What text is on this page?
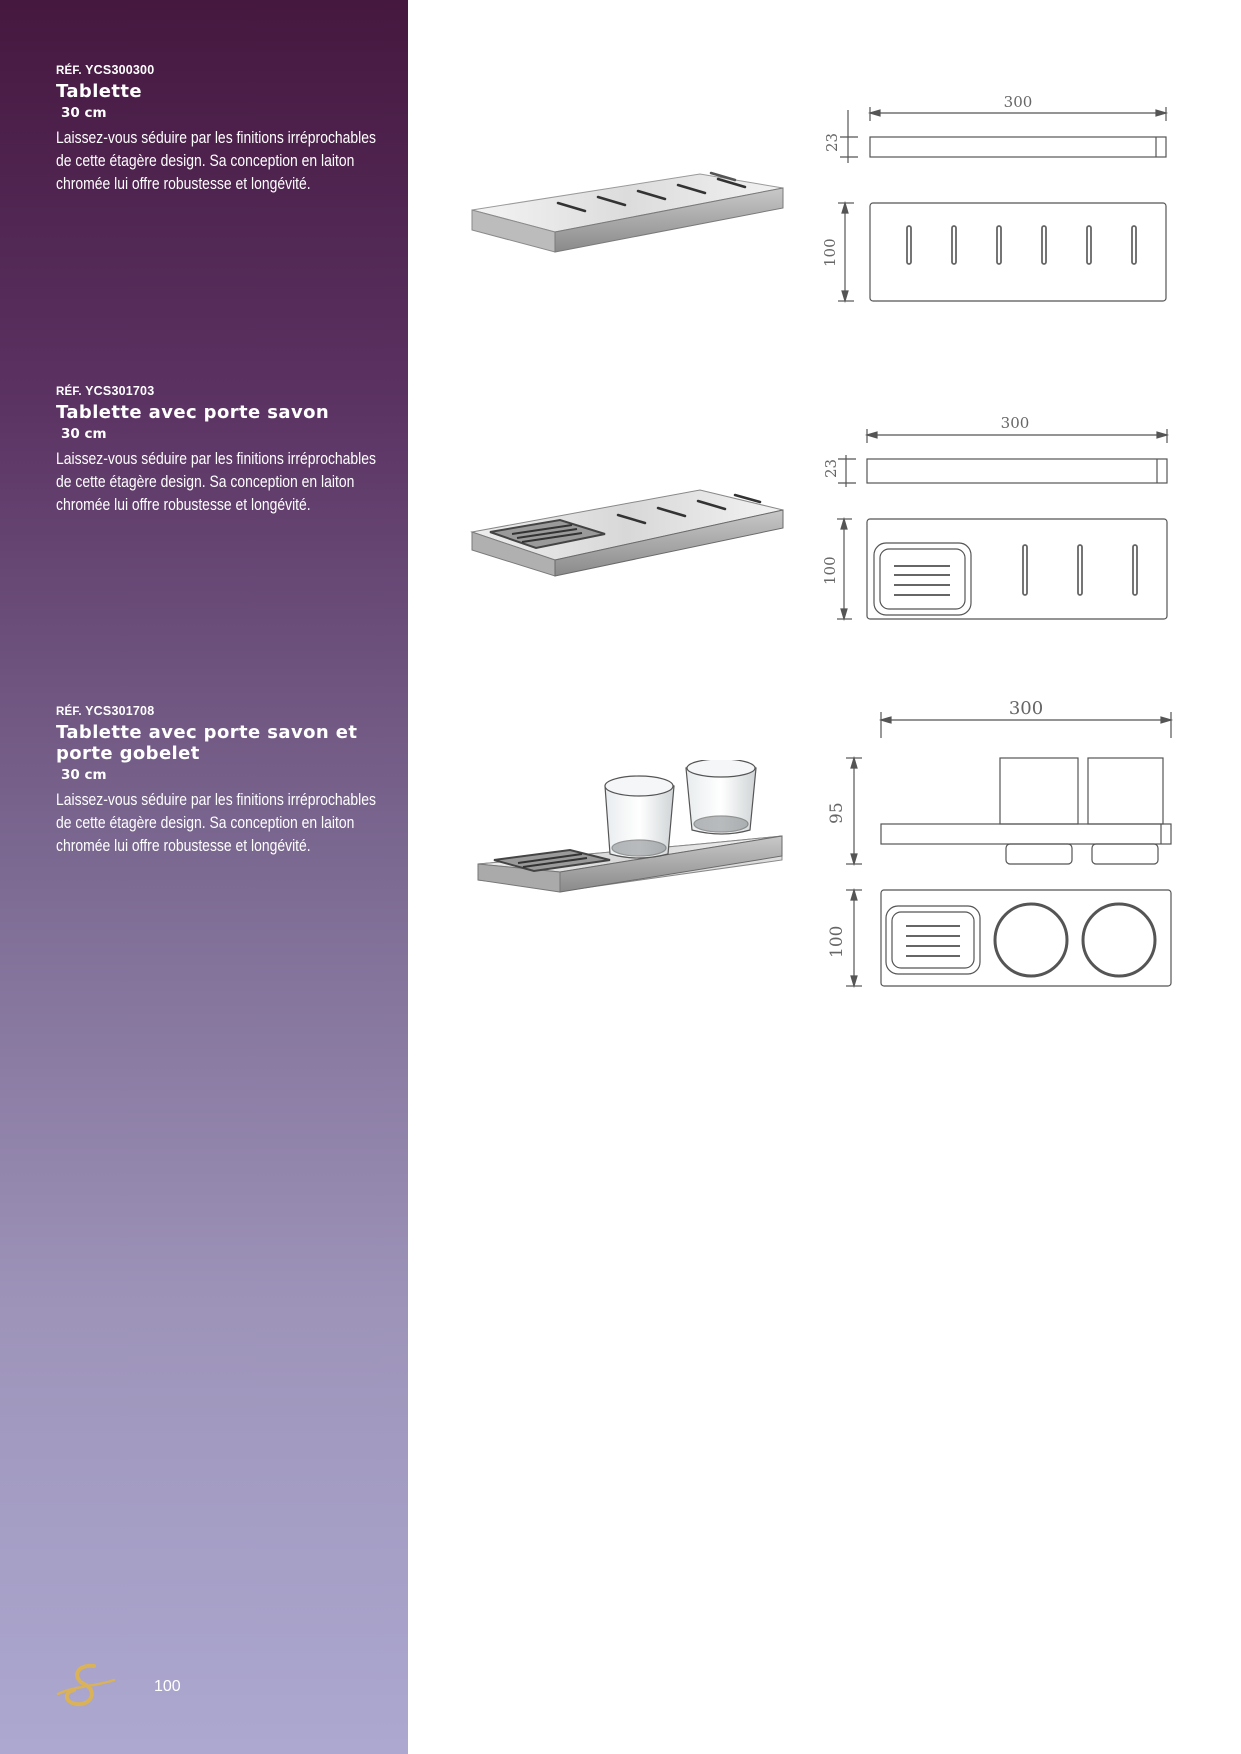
RÉF. YCS300300
Tablette
30 cm
Laissez-vous séduire par les finitions irréprochables
de cette étagère design. Sa conception en laiton
chromée lui offre robustesse et longévité.
RÉF. YCS301703
Tablette avec porte savon
30 cm
Laissez-vous séduire par les finitions irréprochables
de cette étagère design. Sa conception en laiton
chromée lui offre robustesse et longévité.
RÉF. YCS301708
Tablette avec porte savon et
porte gobelet
30 cm
Laissez-vous séduire par les finitions irréprochables
de cette étagère design. Sa conception en laiton
chromée lui offre robustesse et longévité.
300
23
100
300
23
100
300
95
100
100
